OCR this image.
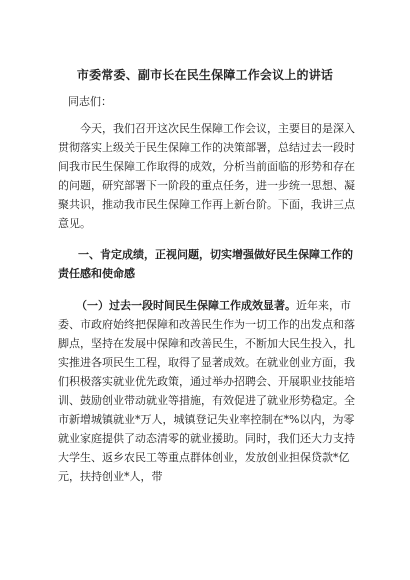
市委常委、副市长在民生保障工作会议上的讲话
同志们：
今天，我们召开这次民生保障工作会议，主要目的是深入贯彻落实上级关于民生保障工作的决策部署，总结过去一段时间我市民生保障工作取得的成效，分析当前面临的形势和存在的问题，研究部署下一阶段的重点任务，进一步统一思想、凝聚共识，推动我市民生保障工作再上新台阶。下面，我讲三点意见。
一、肯定成绩，正视问题，切实增强做好民生保障工作的责任感和使命感
（一）过去一段时间民生保障工作成效显著。近年来，市委、市政府始终把保障和改善民生作为一切工作的出发点和落脚点，坚持在发展中保障和改善民生，不断加大民生投入，扎实推进各项民生工程，取得了显著成效。在就业创业方面，我们积极落实就业优先政策，通过举办招聘会、开展职业技能培训、鼓励创业带动就业等措施，有效促进了就业形势稳定。全市新增城镇就业*万人，城镇登记失业率控制在*%以内，为零就业家庭提供了动态清零的就业援助。同时，我们还大力支持大学生、返乡农民工等重点群体创业，发放创业担保贷款*亿元，扶持创业*人，带
